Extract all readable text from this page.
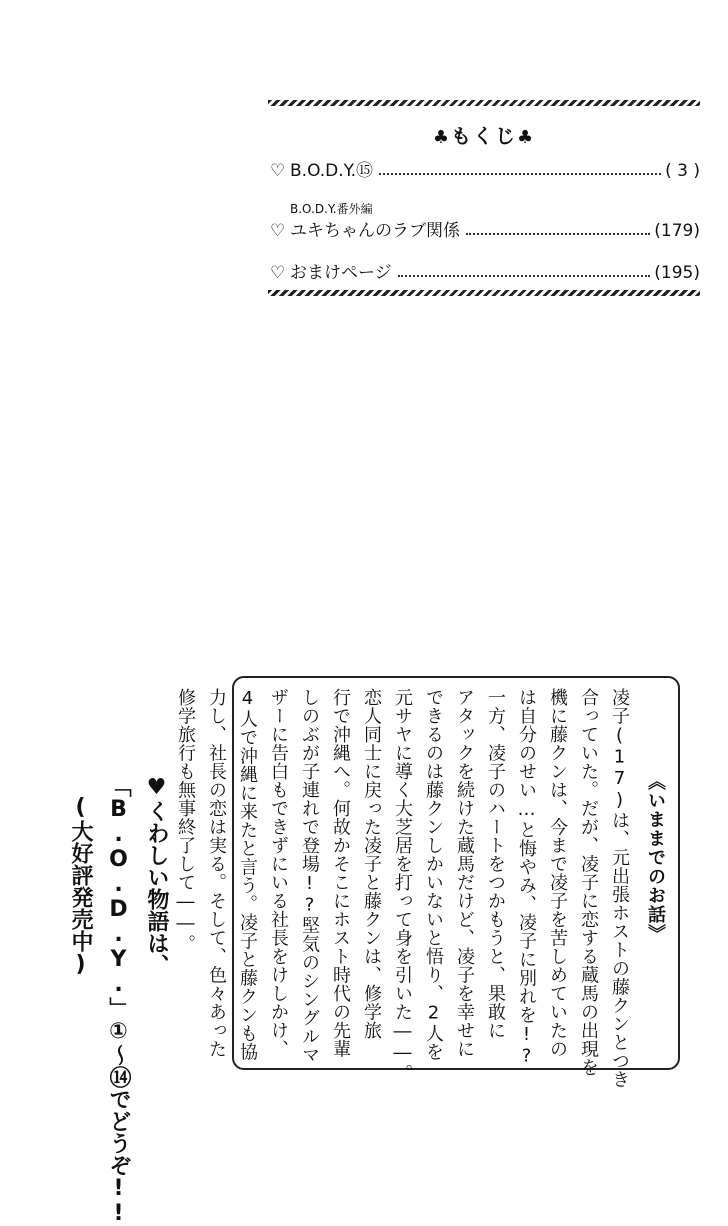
♣もくじ♣
♡ B.O.D.Y.⑮	( 3 )
B.O.D.Y.番外編
♡ ユキちゃんのラブ関係	(179)
♡ おまけページ	(195)
《いままでのお話》
凌子(17)は、元出張ホストの藤クンとつき
合っていた。だが、凌子に恋する蔵馬の出現を
機に藤クンは、今まで凌子を苦しめていたの
は自分のせい…と悔やみ、凌子に別れを!?
一方、凌子のハートをつかもうと、果敢に
アタックを続けた蔵馬だけど、凌子を幸せに
できるのは藤クンしかいないと悟り、2人を
元サヤに導く大芝居を打って身を引いた――。
恋人同士に戻った凌子と藤クンは、修学旅
行で沖縄へ。何故かそこにホスト時代の先輩
しのぶが子連れで登場!?堅気のシングルマ
ザーに告白もできずにいる社長をけしかけ、
4人で沖縄に来たと言う。凌子と藤クンも協
力し、社長の恋は実る。そして、色々あった
修学旅行も無事終了して――。
♥くわしい物語は、
「B.O.D.Y.」①〜⑭でどうぞ!!
(大好評発売中)
